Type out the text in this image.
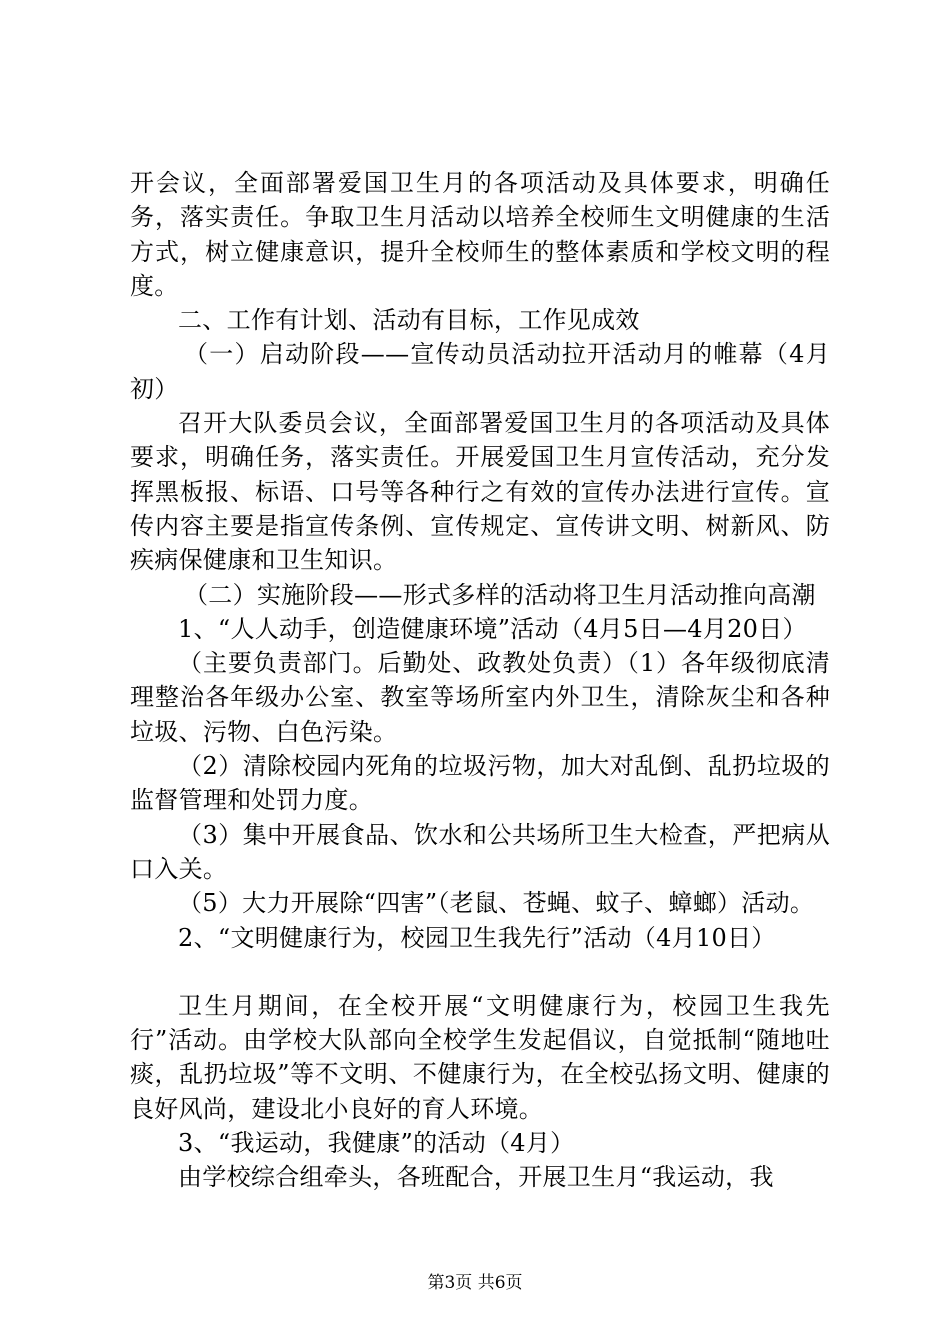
开会议，全面部署爱国卫生月的各项活动及具体要求，明确任务，落实责任。争取卫生月活动以培养全校师生文明健康的生活方式，树立健康意识，提升全校师生的整体素质和学校文明的程度。

二、工作有计划、活动有目标，工作见成效

（一）启动阶段——宣传动员活动拉开活动月的帷幕（4月初）

召开大队委员会议，全面部署爱国卫生月的各项活动及具体要求，明确任务，落实责任。开展爱国卫生月宣传活动，充分发挥黑板报、标语、口号等各种行之有效的宣传办法进行宣传。宣传内容主要是指宣传条例、宣传规定、宣传讲文明、树新风、防疾病保健康和卫生知识。

（二）实施阶段——形式多样的活动将卫生月活动推向高潮

1、“人人动手，创造健康环境”活动（4月5日—4月20日）

（主要负责部门。后勤处、政教处负责）（1）各年级彻底清理整治各年级办公室、教室等场所室内外卫生，清除灰尘和各种垃圾、污物、白色污染。

（2）清除校园内死角的垃圾污物，加大对乱倒、乱扔垃圾的监督管理和处罚力度。

（3）集中开展食品、饮水和公共场所卫生大检查，严把病从口入关。

（5）大力开展除“四害”（老鼠、苍蝇、蚊子、蟑螂）活动。

2、“文明健康行为，校园卫生我先行”活动（4月10日）

卫生月期间，在全校开展“文明健康行为，校园卫生我先行”活动。由学校大队部向全校学生发起倡议，自觉抵制“随地吐痰，乱扔垃圾”等不文明、不健康行为，在全校弘扬文明、健康的良好风尚，建设北小良好的育人环境。

3、“我运动，我健康”的活动（4月）

由学校综合组牵头，各班配合，开展卫生月“我运动，我

第3页 共6页
